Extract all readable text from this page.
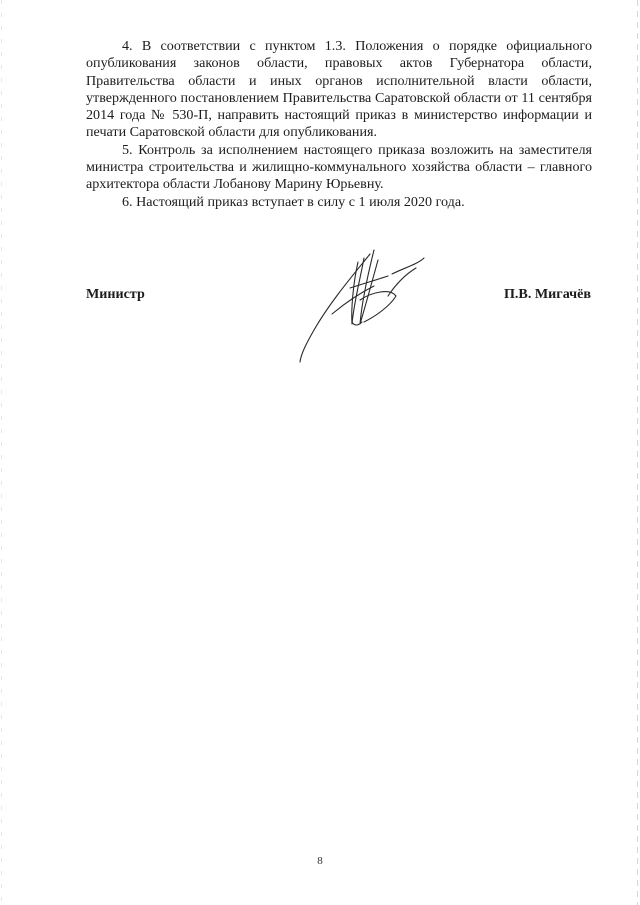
4. В соответствии с пунктом 1.3. Положения о порядке официального опубликования законов области, правовых актов Губернатора области, Правительства области и иных органов исполнительной власти области, утвержденного постановлением Правительства Саратовской области от 11 сентября 2014 года № 530-П, направить настоящий приказ в министерство информации и печати Саратовской области для опубликования.

5. Контроль за исполнением настоящего приказа возложить на заместителя министра строительства и жилищно-коммунального хозяйства области – главного архитектора области Лобанову Марину Юрьевну.

6. Настоящий приказ вступает в силу с 1 июля 2020 года.

Министр	П.В. Мигачёв
8
